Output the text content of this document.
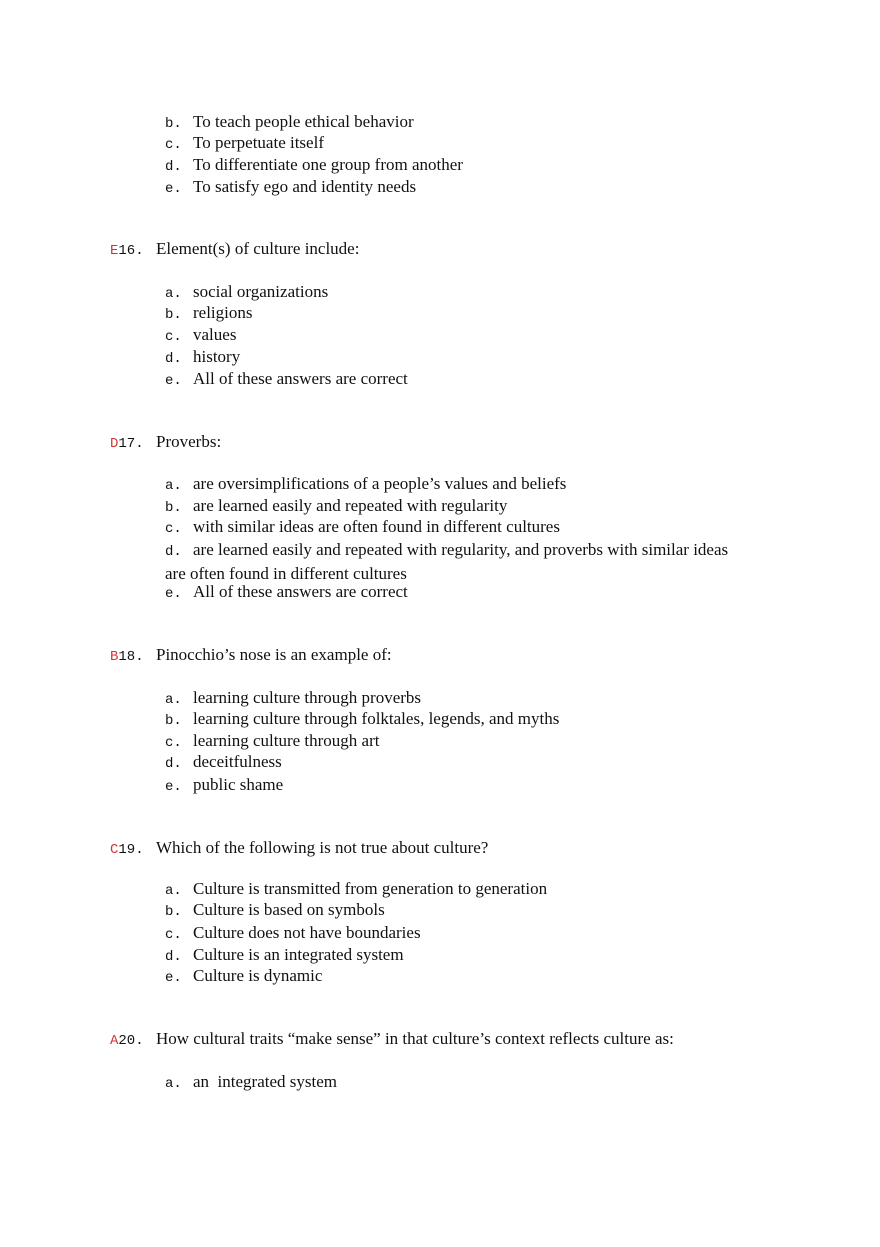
b. To teach people ethical behavior
c. To perpetuate itself
d. To differentiate one group from another
e. To satisfy ego and identity needs
E16. Element(s) of culture include:
a. social organizations
b. religions
c. values
d. history
e. All of these answers are correct
D17. Proverbs:
a. are oversimplifications of a people’s values and beliefs
b. are learned easily and repeated with regularity
c. with similar ideas are often found in different cultures
d. are learned easily and repeated with regularity, and proverbs with similar ideas are often found in different cultures
e. All of these answers are correct
B18. Pinocchio’s nose is an example of:
a. learning culture through proverbs
b. learning culture through folktales, legends, and myths
c. learning culture through art
d. deceitfulness
e. public shame
C19. Which of the following is not true about culture?
a. Culture is transmitted from generation to generation
b. Culture is based on symbols
c. Culture does not have boundaries
d. Culture is an integrated system
e. Culture is dynamic
A20. How cultural traits “make sense” in that culture’s context reflects culture as:
a. an  integrated system
